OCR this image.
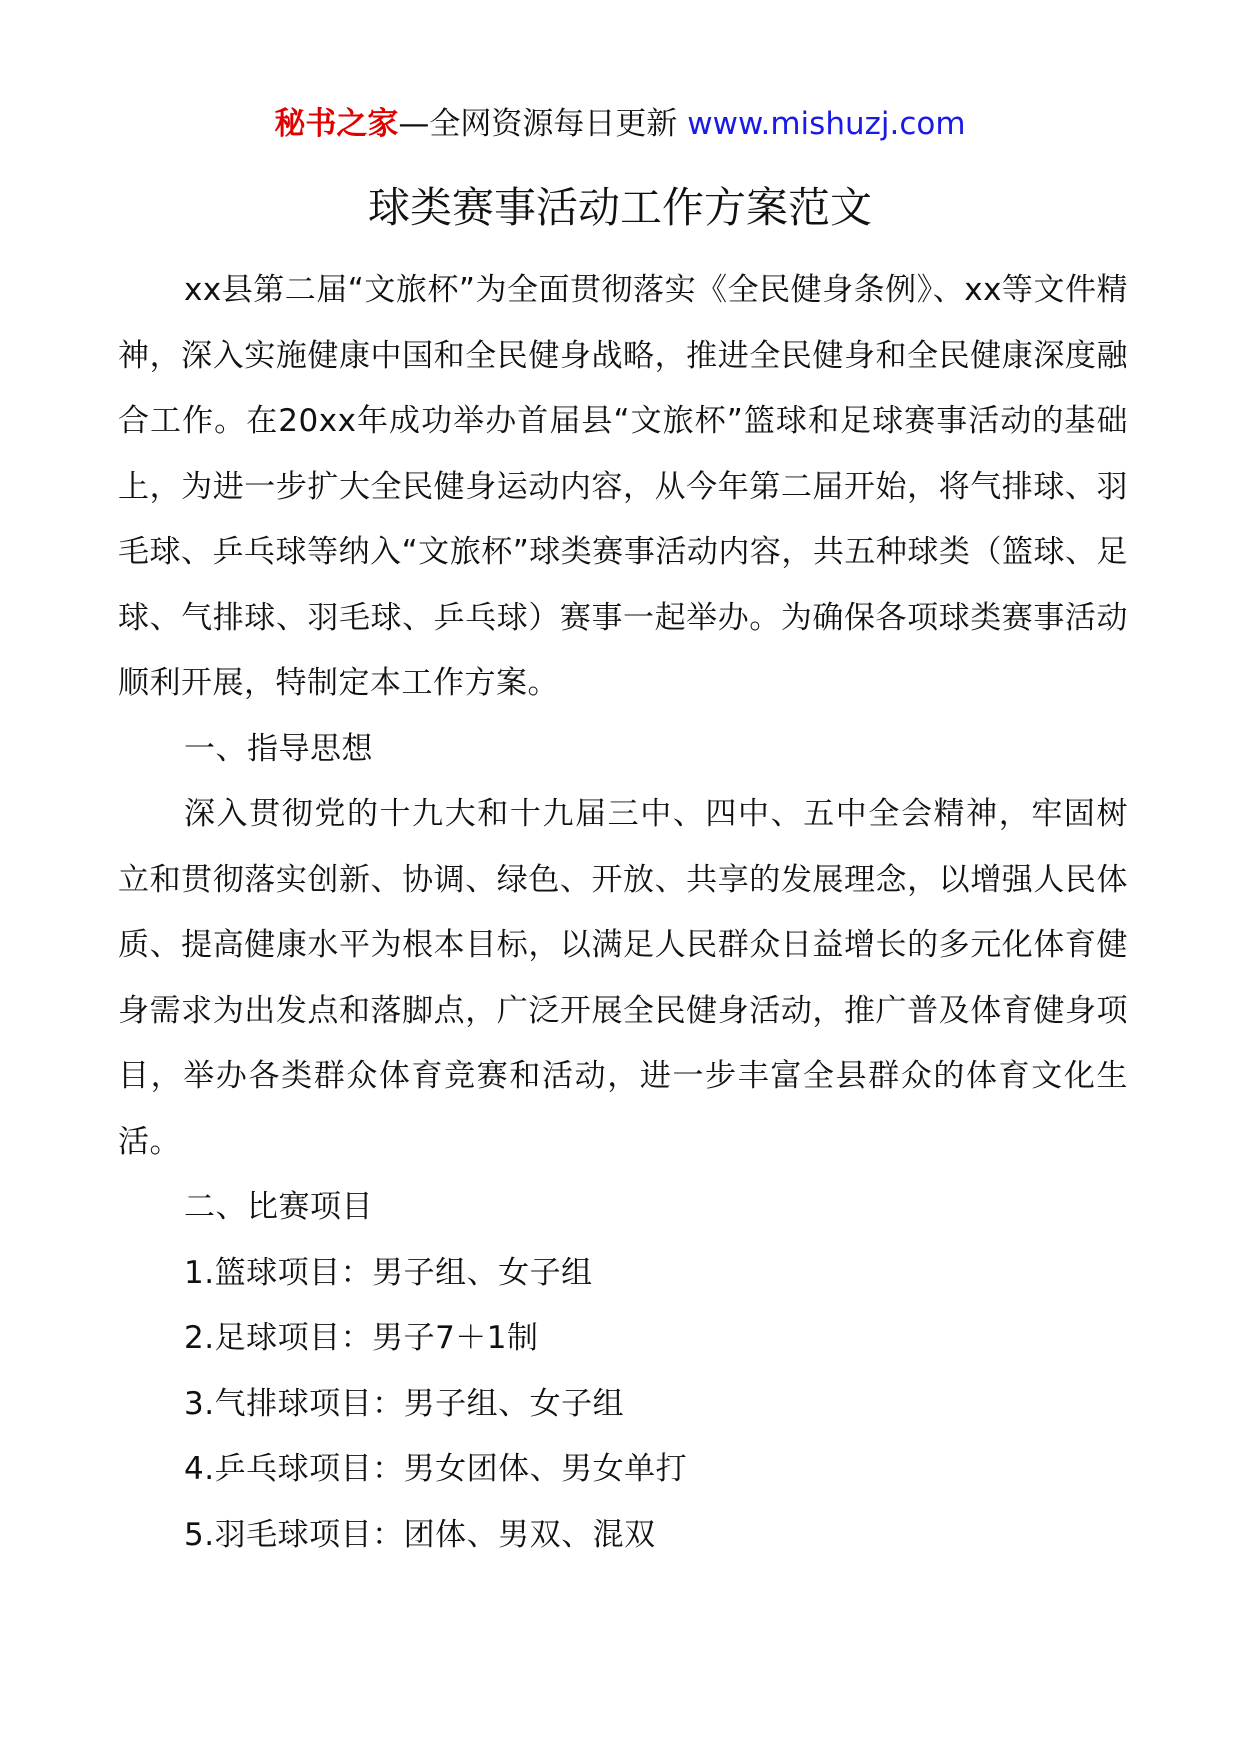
秘书之家—全网资源每日更新 www.mishuzj.com
球类赛事活动工作方案范文

xx县第二届“文旅杯”为全面贯彻落实《全民健身条例》、xx等文件精神，深入实施健康中国和全民健身战略，推进全民健身和全民健康深度融合工作。在20xx年成功举办首届县“文旅杯”篮球和足球赛事活动的基础上，为进一步扩大全民健身运动内容，从今年第二届开始，将气排球、羽毛球、乒乓球等纳入“文旅杯”球类赛事活动内容，共五种球类（篮球、足球、气排球、羽毛球、乒乓球）赛事一起举办。为确保各项球类赛事活动顺利开展，特制定本工作方案。

一、指导思想

深入贯彻党的十九大和十九届三中、四中、五中全会精神，牢固树立和贯彻落实创新、协调、绿色、开放、共享的发展理念，以增强人民体质、提高健康水平为根本目标，以满足人民群众日益增长的多元化体育健身需求为出发点和落脚点，广泛开展全民健身活动，推广普及体育健身项目，举办各类群众体育竞赛和活动，进一步丰富全县群众的体育文化生活。

二、比赛项目

1.篮球项目：男子组、女子组

2.足球项目：男子7＋1制

3.气排球项目：男子组、女子组

4.乒乓球项目：男女团体、男女单打

5.羽毛球项目：团体、男双、混双
